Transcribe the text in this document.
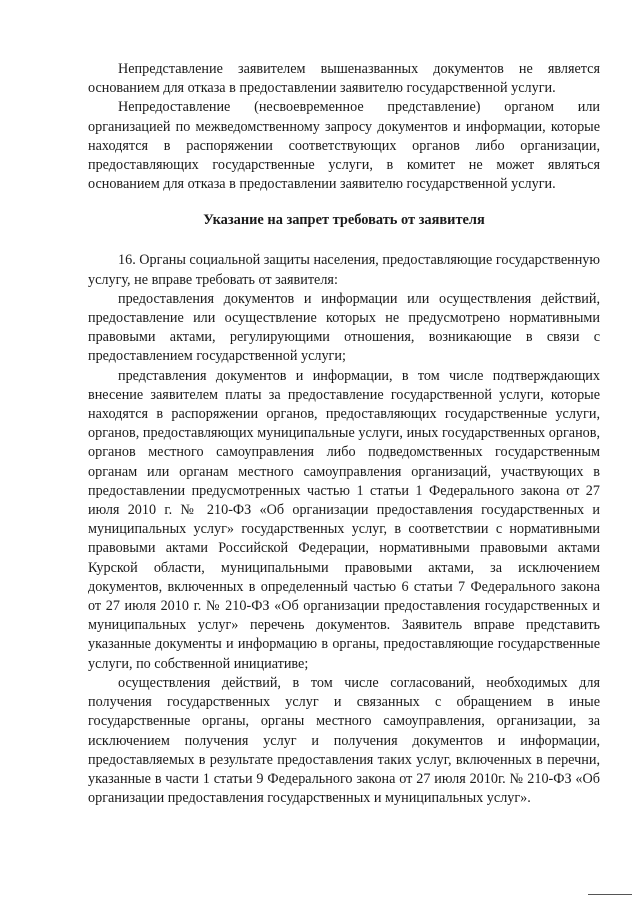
Непредставление заявителем вышеназванных документов не является основанием для отказа в предоставлении заявителю государственной услуги.

Непредоставление (несвоевременное представление) органом или организацией по межведомственному запросу документов и информации, которые находятся в распоряжении соответствующих органов либо организации, предоставляющих государственные услуги, в комитет не может являться основанием для отказа в предоставлении заявителю государственной услуги.

Указание на запрет требовать от заявителя

16. Органы социальной защиты населения, предоставляющие государственную услугу, не вправе требовать от заявителя:

предоставления документов и информации или осуществления действий, предоставление или осуществление которых не предусмотрено нормативными правовыми актами, регулирующими отношения, возникающие в связи с предоставлением государственной услуги;

представления документов и информации, в том числе подтверждающих внесение заявителем платы за предоставление государственной услуги, которые находятся в распоряжении органов, предоставляющих государственные услуги, органов, предоставляющих муниципальные услуги, иных государственных органов, органов местного самоуправления либо подведомственных государственным органам или органам местного самоуправления организаций, участвующих в предоставлении предусмотренных частью 1 статьи 1 Федерального закона от 27 июля 2010 г. № 210-ФЗ «Об организации предоставления государственных и муниципальных услуг» государственных услуг, в соответствии с нормативными правовыми актами Российской Федерации, нормативными правовыми актами Курской области, муниципальными правовыми актами, за исключением документов, включенных в определенный частью 6 статьи 7 Федерального закона от 27 июля 2010 г. № 210-ФЗ «Об организации предоставления государственных и муниципальных услуг» перечень документов. Заявитель вправе представить указанные документы и информацию в органы, предоставляющие государственные услуги, по собственной инициативе;

осуществления действий, в том числе согласований, необходимых для получения государственных услуг и связанных с обращением в иные государственные органы, органы местного самоуправления, организации, за исключением получения услуг и получения документов и информации, предоставляемых в результате предоставления таких услуг, включенных в перечни, указанные в части 1 статьи 9 Федерального закона от 27 июля 2010г. № 210-ФЗ «Об организации предоставления государственных и муниципальных услуг».
